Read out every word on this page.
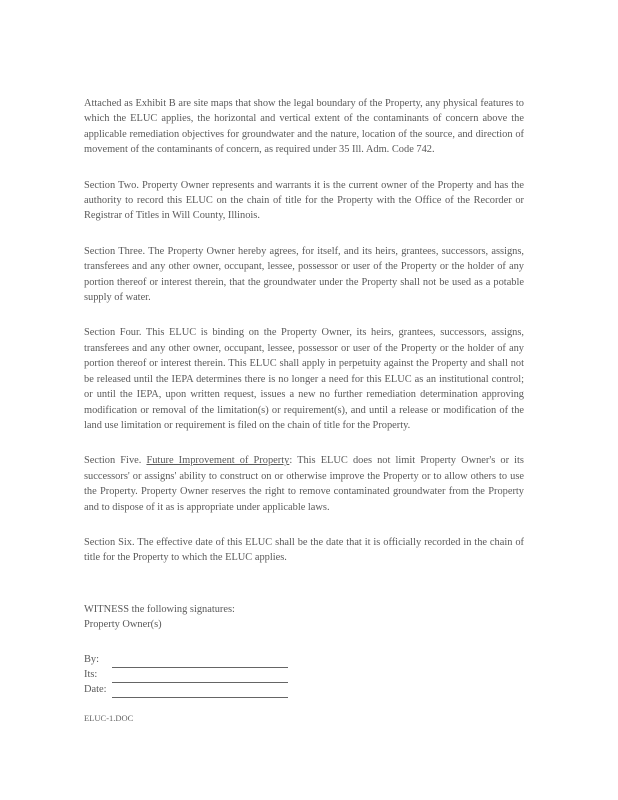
Attached as Exhibit B are site maps that show the legal boundary of the Property, any physical features to which the ELUC applies, the horizontal and vertical extent of the contaminants of concern above the applicable remediation objectives for groundwater and the nature, location of the source, and direction of movement of the contaminants of concern, as required under 35 Ill. Adm. Code 742.

Section Two. Property Owner represents and warrants it is the current owner of the Property and has the authority to record this ELUC on the chain of title for the Property with the Office of the Recorder or Registrar of Titles in Will County, Illinois.

Section Three. The Property Owner hereby agrees, for itself, and its heirs, grantees, successors, assigns, transferees and any other owner, occupant, lessee, possessor or user of the Property or the holder of any portion thereof or interest therein, that the groundwater under the Property shall not be used as a potable supply of water.

Section Four. This ELUC is binding on the Property Owner, its heirs, grantees, successors, assigns, transferees and any other owner, occupant, lessee, possessor or user of the Property or the holder of any portion thereof or interest therein. This ELUC shall apply in perpetuity against the Property and shall not be released until the IEPA determines there is no longer a need for this ELUC as an institutional control; or until the IEPA, upon written request, issues a new no further remediation determination approving modification or removal of the limitation(s) or requirement(s), and until a release or modification of the land use limitation or requirement is filed on the chain of title for the Property.

Section Five. Future Improvement of Property: This ELUC does not limit Property Owner's or its successors' or assigns' ability to construct on or otherwise improve the Property or to allow others to use the Property. Property Owner reserves the right to remove contaminated groundwater from the Property and to dispose of it as is appropriate under applicable laws.

Section Six. The effective date of this ELUC shall be the date that it is officially recorded in the chain of title for the Property to which the ELUC applies.

WITNESS the following signatures:

Property Owner(s)

By:
Its:
Date:
ELUC-1.DOC
